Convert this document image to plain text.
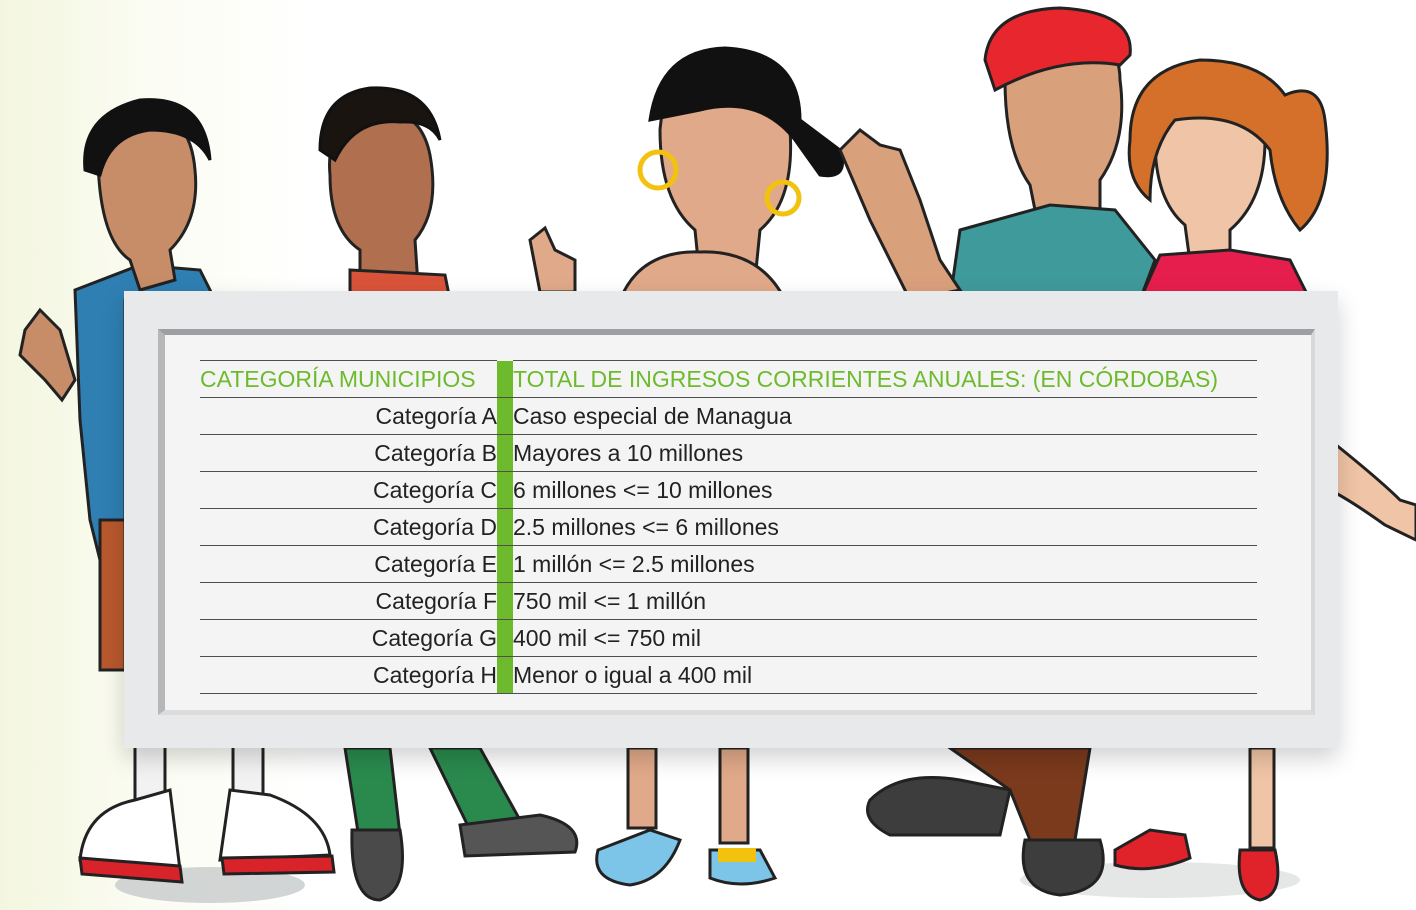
CATEGORÍA MUNICIPIOS		TOTAL DE INGRESOS CORRIENTES ANUALES: (EN CÓRDOBAS)
Categoría A		Caso especial de Managua
Categoría B		Mayores a 10 millones
Categoría C		6 millones <= 10 millones
Categoría D		2.5 millones <= 6 millones
Categoría E		1 millón <= 2.5 millones
Categoría F		750 mil <= 1 millón
Categoría G		400 mil <= 750 mil
Categoría H		Menor o igual a 400 mil
